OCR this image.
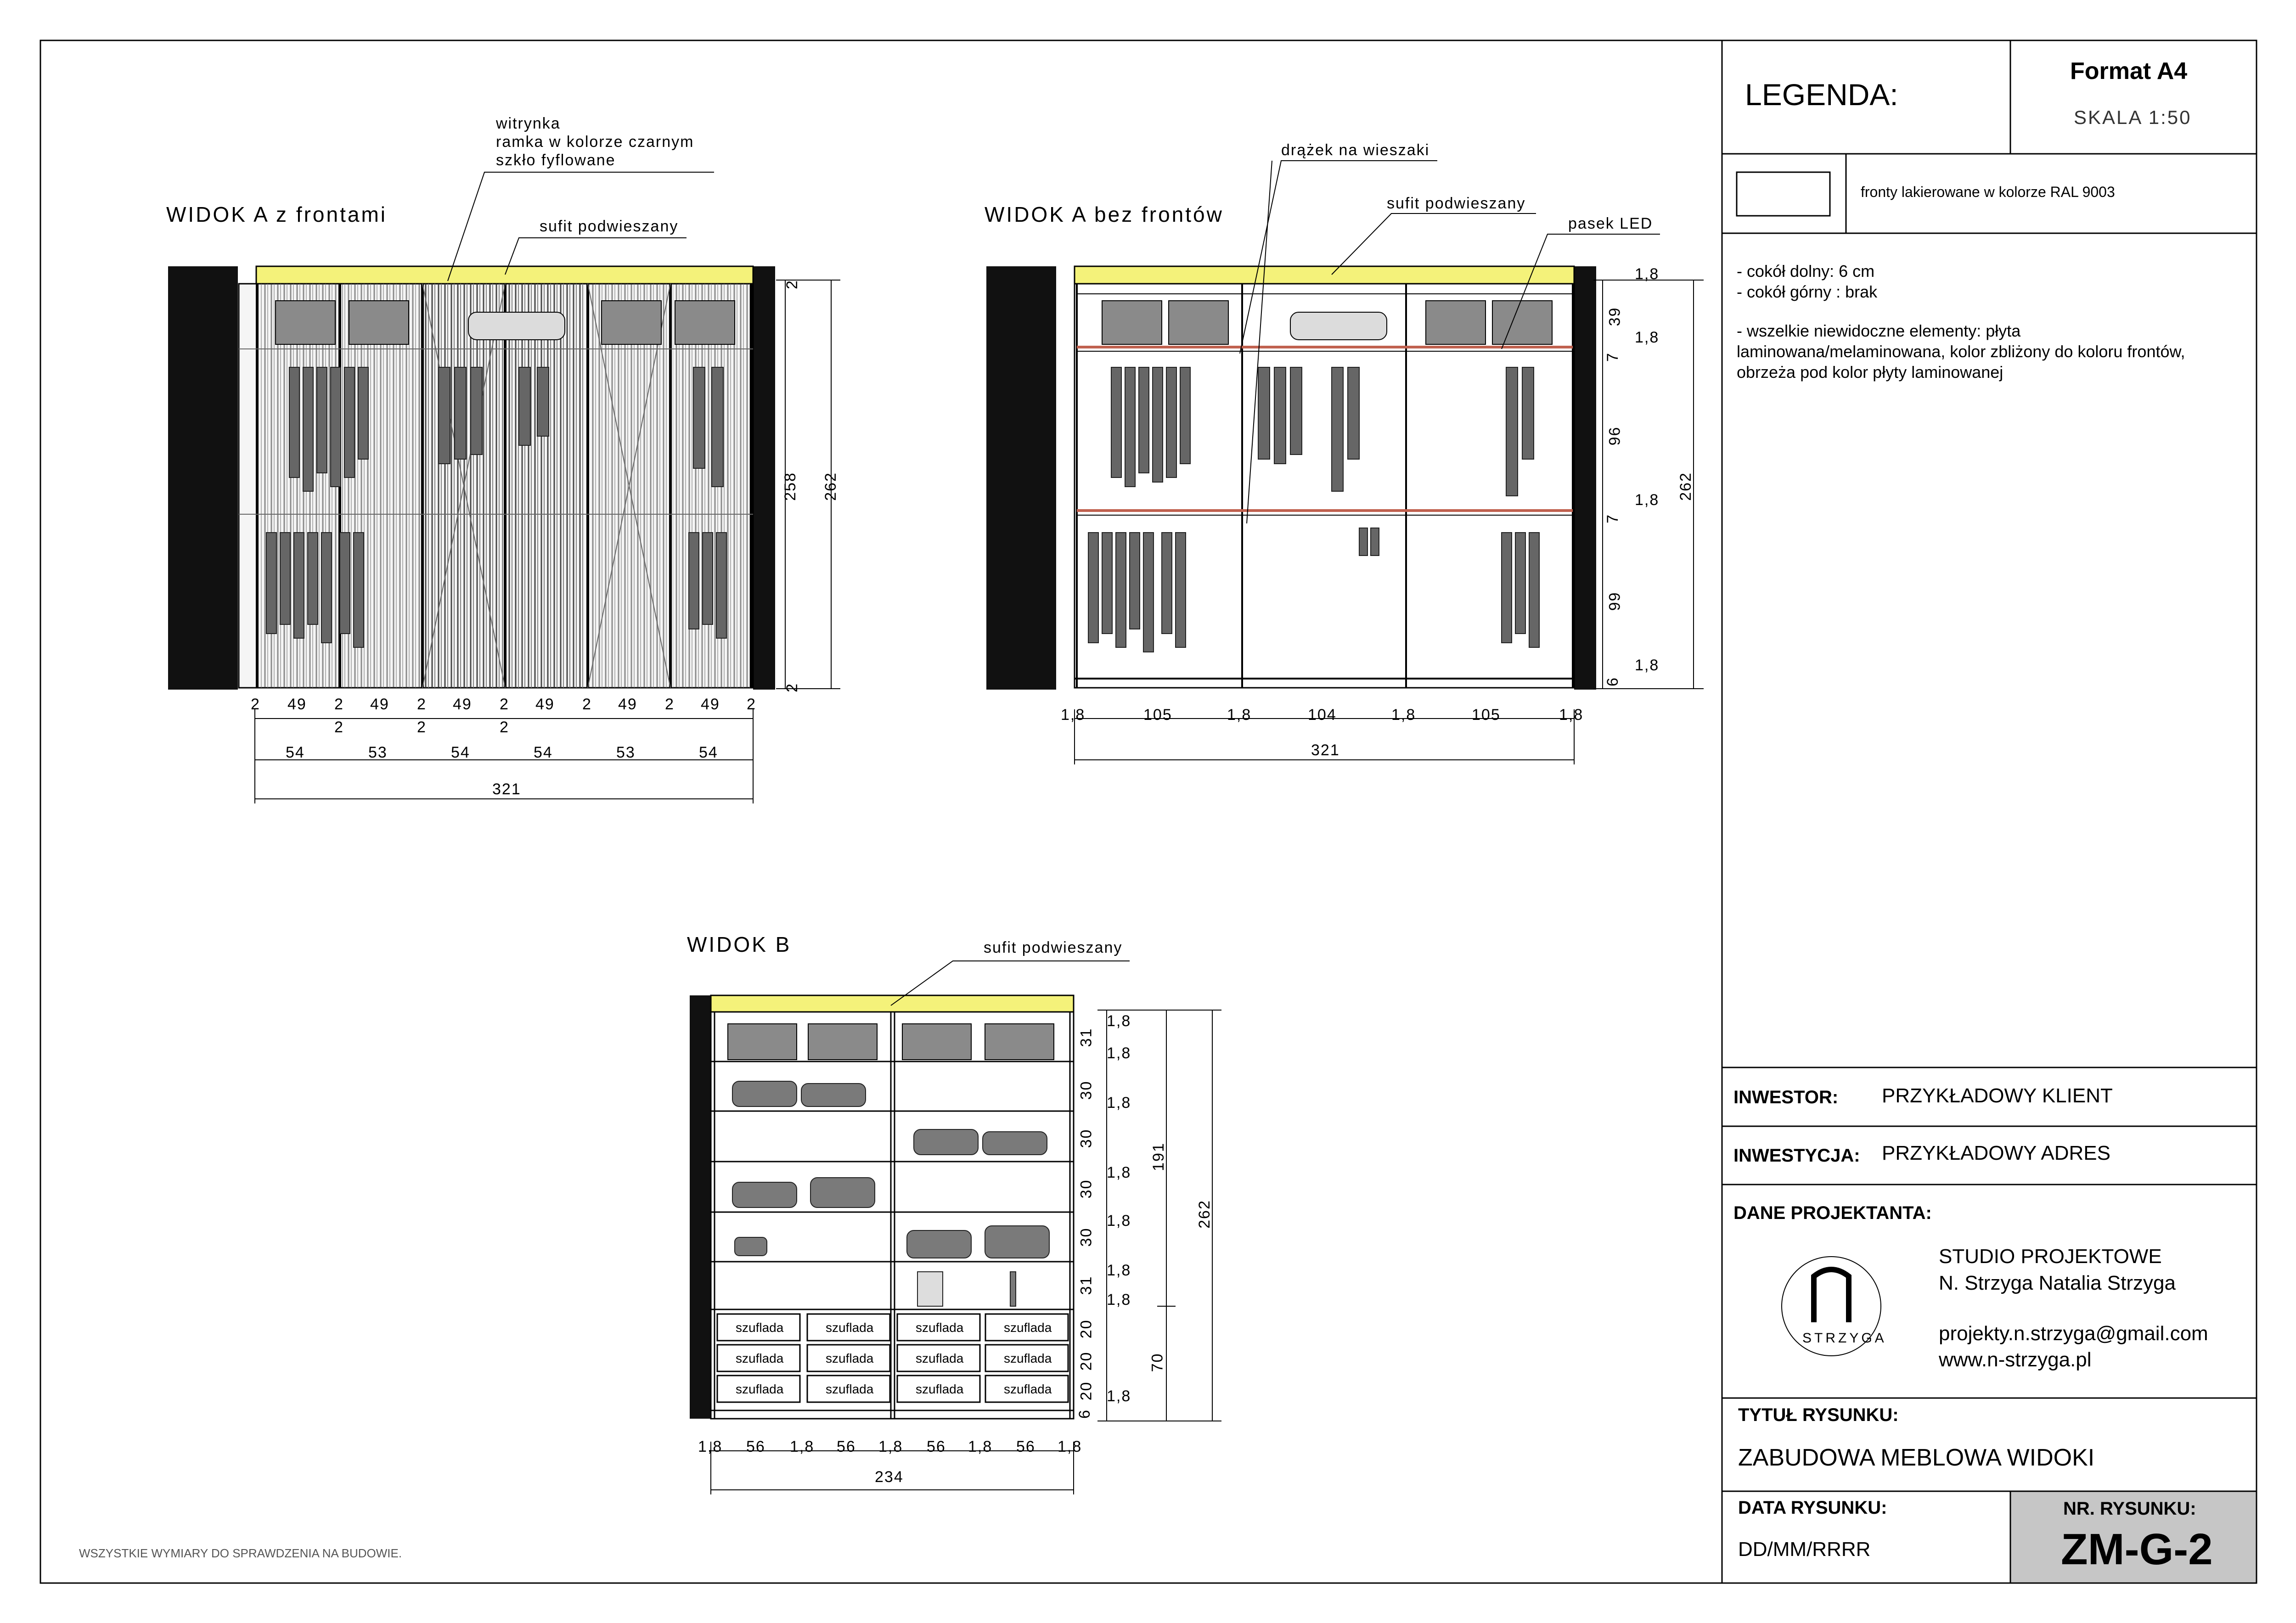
WIDOK A z frontami
witrynka
ramka w kolorze czarnym
szkło fyflowane
sufit podwieszany
2 49 2 49 2 49 2 49 2 49 2 49 2
2	2	2
54	53	54	54	53	54
321
2
258
2
262
WIDOK A bez frontów
drążek na wieszaki
sufit podwieszany
pasek LED
1,8	105	1,8	104	1,8	105	1,8
321
1,8
39
1,8
7
96
1,8
7
99
1,8
6
262
WIDOK B	sufit podwieszany
1,8 56 1,8 56 1,8 56 1,8 56 1,8
234
31
30
30
30
30
31
20
20
20
6
1,8
1,8
1,8
1,8
1,8
1,8
1,8
1,8
191
70
262
szuflada	szuflada	szuflada	szuflada
szuflada	szuflada	szuflada	szuflada
szuflada	szuflada	szuflada	szuflada
WSZYSTKIE WYMIARY DO SPRAWDZENIA NA BUDOWIE.
LEGENDA:
Format A4
SKALA 1:50
fronty lakierowane w kolorze RAL 9003
- cokół dolny: 6 cm
- cokół górny : brak
- wszelkie niewidoczne elementy: płyta
laminowana/melaminowana, kolor zbliżony do koloru frontów,
obrzeża pod kolor płyty laminowanej
INWESTOR: PRZYKŁADOWY KLIENT
INWESTYCJA: PRZYKŁADOWY ADRES
DANE PROJEKTANTA:
STRZYGA
STUDIO PROJEKTOWE
N. Strzyga Natalia Strzyga
projekty.n.strzyga@gmail.com
www.n-strzyga.pl
TYTUŁ RYSUNKU:
ZABUDOWA MEBLOWA WIDOKI
DATA RYSUNKU:
DD/MM/RRRR
NR. RYSUNKU:
ZM-G-2
